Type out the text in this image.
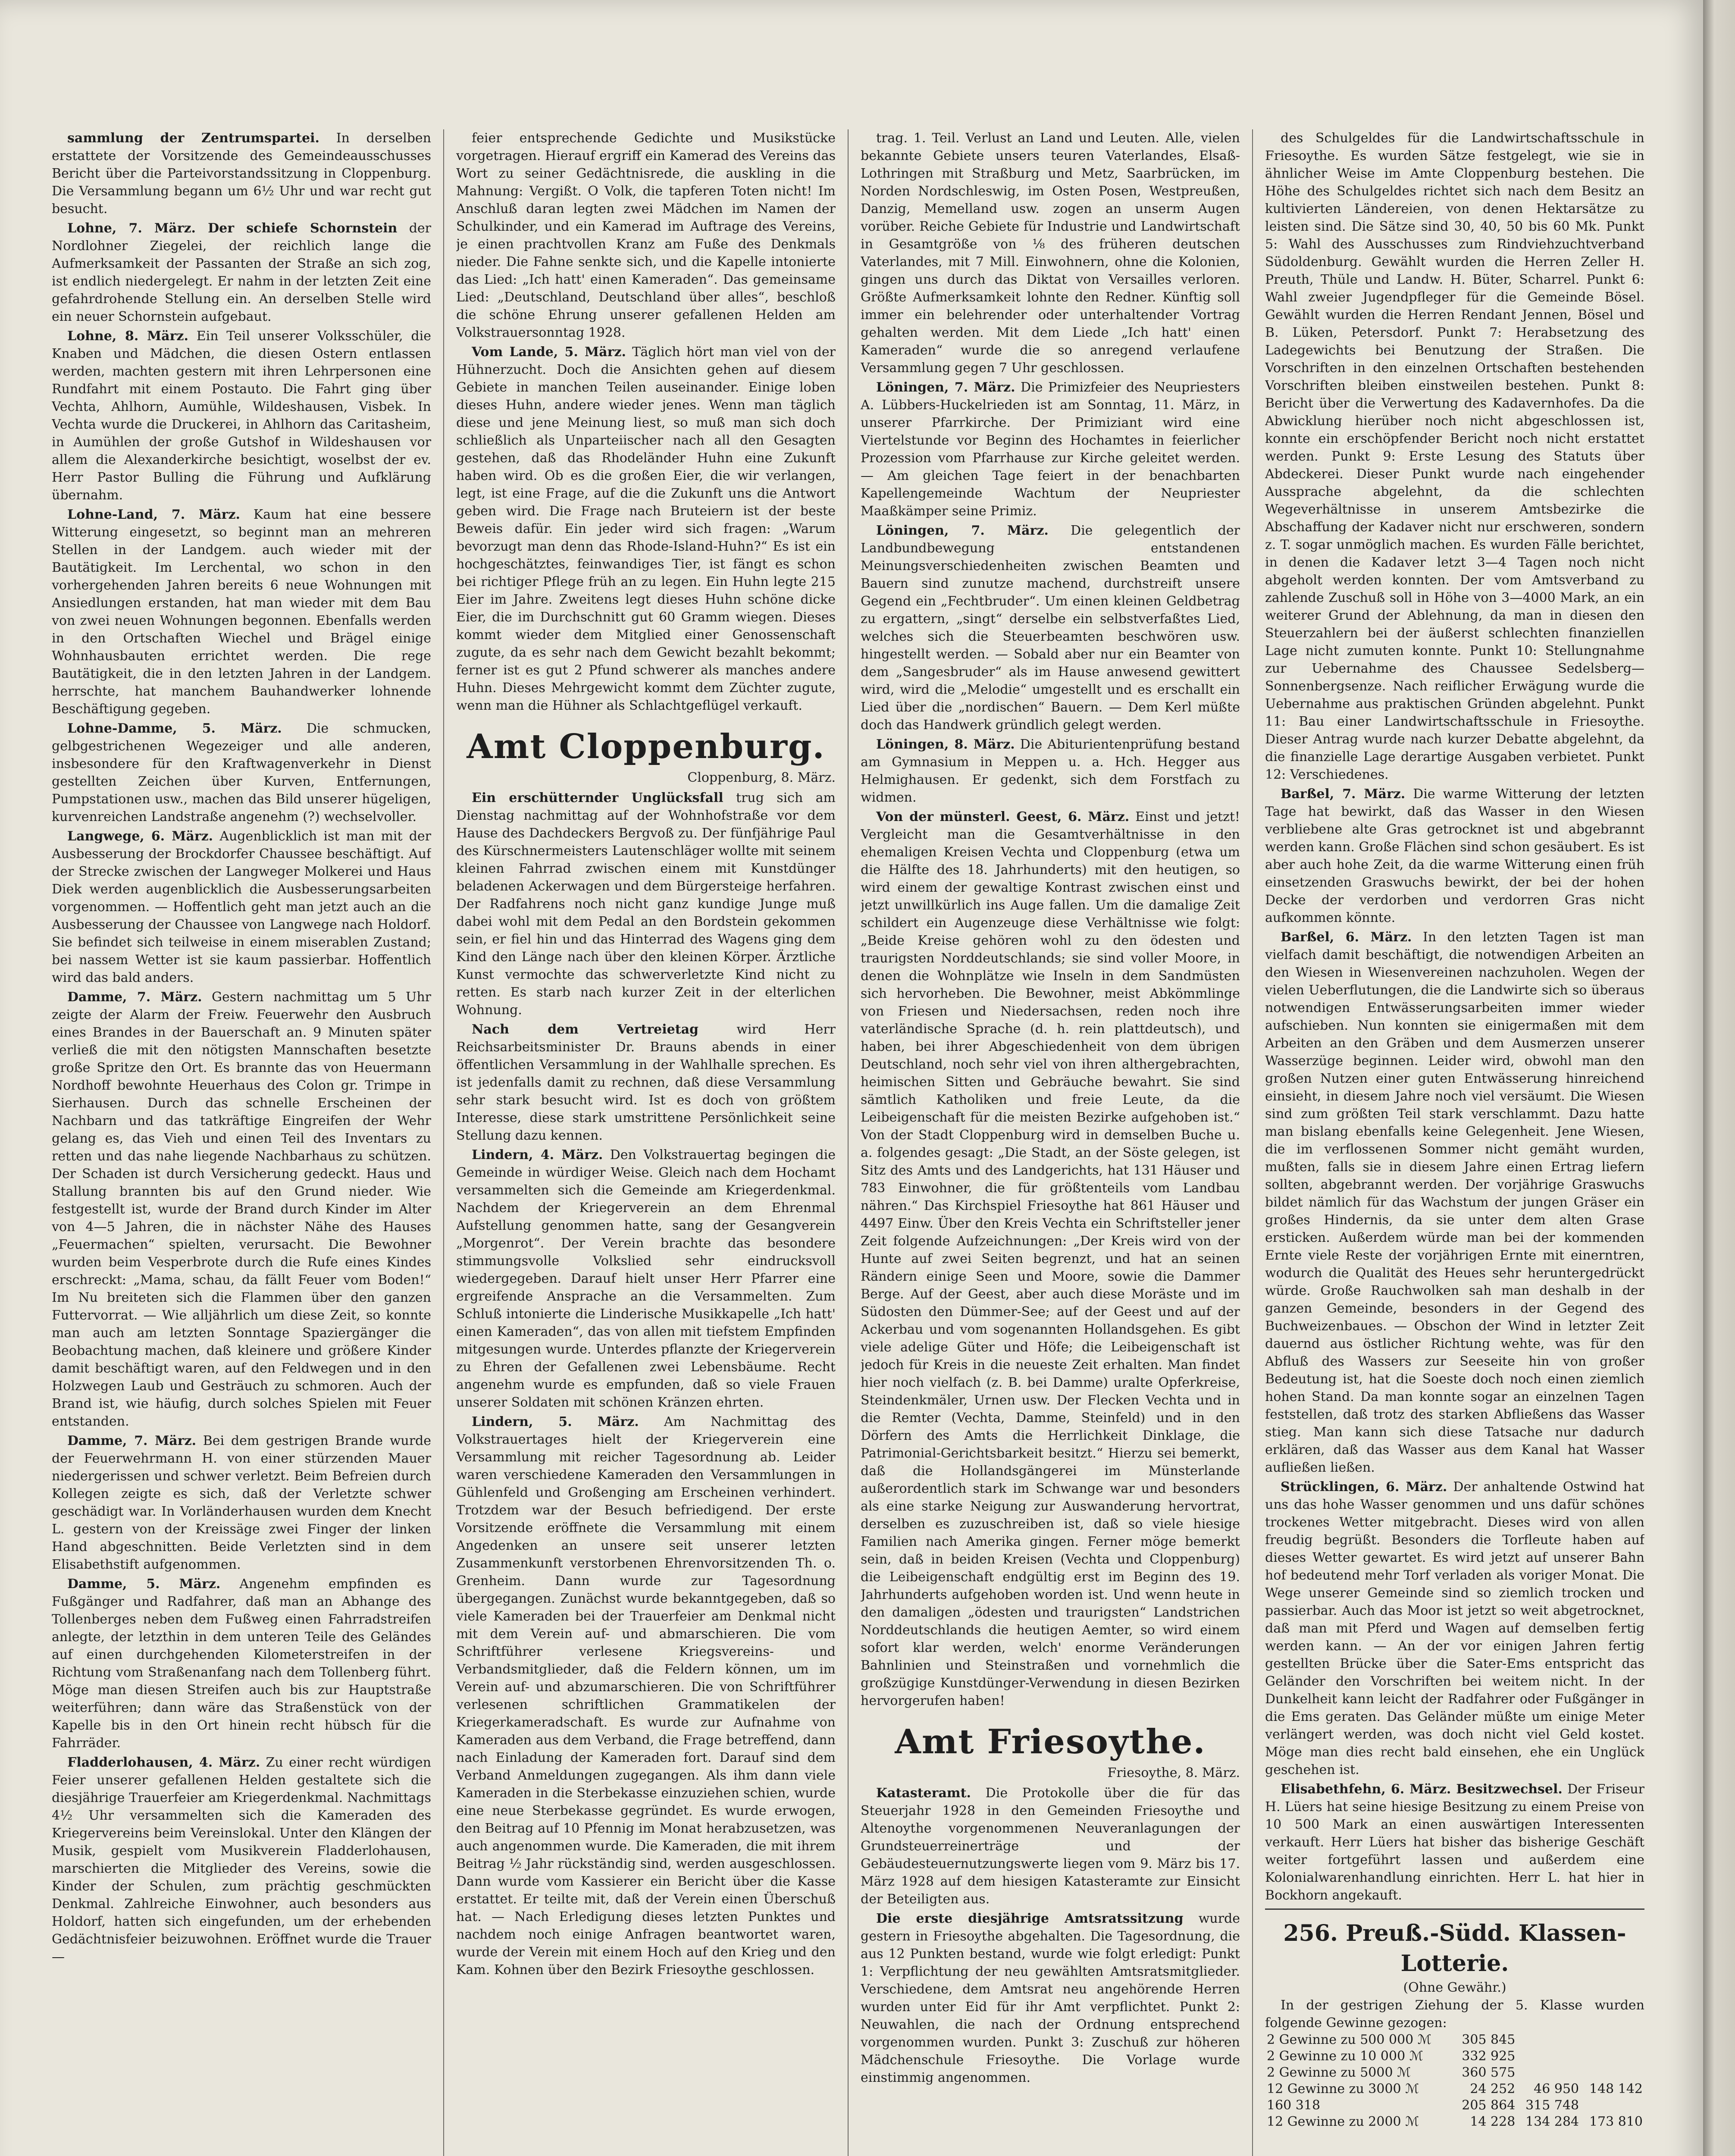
sammlung der Zentrumspartei. In derselben erstattete der Vorsitzende des Gemeindeausschusses Bericht über die Parteivorstandssitzung in Cloppenburg. Die Versammlung begann um 6½ Uhr und war recht gut besucht.

Lohne, 7. März. Der schiefe Schornstein der Nordlohner Ziegelei, der reichlich lange die Aufmerksamkeit der Passanten der Straße an sich zog, ist endlich niedergelegt. Er nahm in der letzten Zeit eine gefahrdrohende Stellung ein. An derselben Stelle wird ein neuer Schornstein aufgebaut.

Lohne, 8. März. Ein Teil unserer Volksschüler, die Knaben und Mädchen, die diesen Ostern entlassen werden, machten gestern mit ihren Lehrpersonen eine Rundfahrt mit einem Postauto. Die Fahrt ging über Vechta, Ahlhorn, Aumühle, Wildeshausen, Visbek. In Vechta wurde die Druckerei, in Ahlhorn das Caritasheim, in Aumühlen der große Gutshof in Wildeshausen vor allem die Alexanderkirche besichtigt, woselbst der ev. Herr Pastor Bulling die Führung und Aufklärung übernahm.

Lohne-Land, 7. März. Kaum hat eine bessere Witterung eingesetzt, so beginnt man an mehreren Stellen in der Landgem. auch wieder mit der Bautätigkeit. Im Lerchental, wo schon in den vorhergehenden Jahren bereits 6 neue Wohnungen mit Ansiedlungen erstanden, hat man wieder mit dem Bau von zwei neuen Wohnungen begonnen. Ebenfalls werden in den Ortschaften Wiechel und Brägel einige Wohnhausbauten errichtet werden. Die rege Bautätigkeit, die in den letzten Jahren in der Landgem. herrschte, hat manchem Bauhandwerker lohnende Beschäftigung gegeben.

Lohne-Damme, 5. März. Die schmucken, gelbgestrichenen Wegezeiger und alle anderen, insbesondere für den Kraftwagenverkehr in Dienst gestellten Zeichen über Kurven, Entfernungen, Pumpstationen usw., machen das Bild unserer hügeligen, kurvenreichen Landstraße angenehm (?) wechselvoller.

Langwege, 6. März. Augenblicklich ist man mit der Ausbesserung der Brockdorfer Chaussee beschäftigt. Auf der Strecke zwischen der Langweger Molkerei und Haus Diek werden augenblicklich die Ausbesserungsarbeiten vorgenommen. — Hoffentlich geht man jetzt auch an die Ausbesserung der Chaussee von Langwege nach Holdorf. Sie befindet sich teilweise in einem miserablen Zustand; bei nassem Wetter ist sie kaum passierbar. Hoffentlich wird das bald anders.

Damme, 7. März. Gestern nachmittag um 5 Uhr zeigte der Alarm der Freiw. Feuerwehr den Ausbruch eines Brandes in der Bauerschaft an. 9 Minuten später verließ die mit den nötigsten Mannschaften besetzte große Spritze den Ort. Es brannte das von Heuermann Nordhoff bewohnte Heuerhaus des Colon gr. Trimpe in Sierhausen. Durch das schnelle Erscheinen der Nachbarn und das tatkräftige Eingreifen der Wehr gelang es, das Vieh und einen Teil des Inventars zu retten und das nahe liegende Nachbarhaus zu schützen. Der Schaden ist durch Versicherung gedeckt. Haus und Stallung brannten bis auf den Grund nieder. Wie festgestellt ist, wurde der Brand durch Kinder im Alter von 4—5 Jahren, die in nächster Nähe des Hauses „Feuermachen“ spielten, verursacht. Die Bewohner wurden beim Vesperbrote durch die Rufe eines Kindes erschreckt: „Mama, schau, da fällt Feuer vom Boden!“ Im Nu breiteten sich die Flammen über den ganzen Futtervorrat. — Wie alljährlich um diese Zeit, so konnte man auch am letzten Sonntage Spaziergänger die Beobachtung machen, daß kleinere und größere Kinder damit beschäftigt waren, auf den Feldwegen und in den Holzwegen Laub und Gesträuch zu schmoren. Auch der Brand ist, wie häufig, durch solches Spielen mit Feuer entstanden.

Damme, 7. März. Bei dem gestrigen Brande wurde der Feuerwehrmann H. von einer stürzenden Mauer niedergerissen und schwer verletzt. Beim Befreien durch Kollegen zeigte es sich, daß der Verletzte schwer geschädigt war. In Vorländerhausen wurden dem Knecht L. gestern von der Kreissäge zwei Finger der linken Hand abgeschnitten. Beide Verletzten sind in dem Elisabethstift aufgenommen.

Damme, 5. März. Angenehm empfinden es Fußgänger und Radfahrer, daß man an Abhange des Tollenberges neben dem Fußweg einen Fahrradstreifen anlegte, der letzthin in dem unteren Teile des Geländes auf einen durchgehenden Kilometerstreifen in der Richtung vom Straßenanfang nach dem Tollenberg führt. Möge man diesen Streifen auch bis zur Hauptstraße weiterführen; dann wäre das Straßenstück von der Kapelle bis in den Ort hinein recht hübsch für die Fahrräder.

Fladderlohausen, 4. März. Zu einer recht würdigen Feier unserer gefallenen Helden gestaltete sich die diesjährige Trauerfeier am Kriegerdenkmal. Nachmittags 4½ Uhr versammelten sich die Kameraden des Kriegervereins beim Vereinslokal. Unter den Klängen der Musik, gespielt vom Musikverein Fladderlohausen, marschierten die Mitglieder des Vereins, sowie die Kinder der Schulen, zum prächtig geschmückten Denkmal. Zahlreiche Einwohner, auch besonders aus Holdorf, hatten sich eingefunden, um der erhebenden Gedächtnisfeier beizuwohnen. Eröffnet wurde die Trauer—

feier entsprechende Gedichte und Musikstücke vorgetragen. Hierauf ergriff ein Kamerad des Vereins das Wort zu seiner Gedächtnisrede, die auskling in die Mahnung: Vergißt. O Volk, die tapferen Toten nicht! Im Anschluß daran legten zwei Mädchen im Namen der Schulkinder, und ein Kamerad im Auftrage des Vereins, je einen prachtvollen Kranz am Fuße des Denkmals nieder. Die Fahne senkte sich, und die Kapelle intonierte das Lied: „Ich hatt' einen Kameraden“. Das gemeinsame Lied: „Deutschland, Deutschland über alles“, beschloß die schöne Ehrung unserer gefallenen Helden am Volkstrauersonntag 1928.

Vom Lande, 5. März. Täglich hört man viel von der Hühnerzucht. Doch die Ansichten gehen auf diesem Gebiete in manchen Teilen auseinander. Einige loben dieses Huhn, andere wieder jenes. Wenn man täglich diese und jene Meinung liest, so muß man sich doch schließlich als Unparteiischer nach all den Gesagten gestehen, daß das Rhodeländer Huhn eine Zukunft haben wird. Ob es die großen Eier, die wir verlangen, legt, ist eine Frage, auf die die Zukunft uns die Antwort geben wird. Die Frage nach Bruteiern ist der beste Beweis dafür. Ein jeder wird sich fragen: „Warum bevorzugt man denn das Rhode-Island-Huhn?“ Es ist ein hochgeschätztes, feinwandiges Tier, ist fängt es schon bei richtiger Pflege früh an zu legen. Ein Huhn legte 215 Eier im Jahre. Zweitens legt dieses Huhn schöne dicke Eier, die im Durchschnitt gut 60 Gramm wiegen. Dieses kommt wieder dem Mitglied einer Genossenschaft zugute, da es sehr nach dem Gewicht bezahlt bekommt; ferner ist es gut 2 Pfund schwerer als manches andere Huhn. Dieses Mehrgewicht kommt dem Züchter zugute, wenn man die Hühner als Schlachtgeflügel verkauft.

Amt Cloppenburg.
Cloppenburg, 8. März.

Ein erschütternder Unglücksfall trug sich am Dienstag nachmittag auf der Wohnhofstraße vor dem Hause des Dachdeckers Bergvoß zu. Der fünfjährige Paul des Kürschnermeisters Lautenschläger wollte mit seinem kleinen Fahrrad zwischen einem mit Kunstdünger beladenen Ackerwagen und dem Bürgersteige herfahren. Der Radfahrens noch nicht ganz kundige Junge muß dabei wohl mit dem Pedal an den Bordstein gekommen sein, er fiel hin und das Hinterrad des Wagens ging dem Kind den Länge nach über den kleinen Körper. Ärztliche Kunst vermochte das schwerverletzte Kind nicht zu retten. Es starb nach kurzer Zeit in der elterlichen Wohnung.

Nach dem Vertreietag	wird Herr Reichsarbeitsminister Dr. Brauns abends in einer öffentlichen Versammlung in der Wahlhalle sprechen. Es ist jedenfalls damit zu rechnen, daß diese Versammlung sehr stark besucht wird. Ist es doch von größtem Interesse, diese stark umstrittene Persönlichkeit seine Stellung dazu kennen.

Lindern, 4. März. Den Volkstrauertag begingen die Gemeinde in würdiger Weise. Gleich nach dem Hochamt versammelten sich die Gemeinde am Kriegerdenkmal. Nachdem der Kriegerverein an dem Ehrenmal Aufstellung genommen hatte, sang der Gesangverein „Morgenrot“. Der Verein brachte das besondere stimmungsvolle Volkslied sehr eindrucksvoll wiedergegeben. Darauf hielt unser Herr Pfarrer eine ergreifende Ansprache an die Versammelten. Zum Schluß intonierte die Linderische Musikkapelle „Ich hatt' einen Kameraden“, das von allen mit tiefstem Empfinden mitgesungen wurde. Unterdes pflanzte der Kriegerverein zu Ehren der Gefallenen zwei Lebensbäume. Recht angenehm wurde es empfunden, daß so viele Frauen unserer Soldaten mit schönen Kränzen ehrten.

Lindern, 5. März. Am Nachmittag des Volkstrauertages hielt der Kriegerverein eine Versammlung mit reicher Tagesordnung ab. Leider waren verschiedene Kameraden den Versammlungen in Gühlenfeld und Großenging am Erscheinen verhindert. Trotzdem war der Besuch befriedigend. Der erste Vorsitzende eröffnete die Versammlung mit einem Angedenken an unsere seit unserer letzten Zusammenkunft verstorbenen Ehrenvorsitzenden Th. o. Grenheim. Dann wurde zur Tagesordnung übergegangen. Zunächst wurde bekanntgegeben, daß so viele Kameraden bei der Trauerfeier am Denkmal nicht mit dem Verein auf- und abmarschieren. Die vom Schriftführer verlesene Kriegsvereins- und Verbandsmitglieder, daß die Feldern können, um im Verein auf- und abzumarschieren. Die von Schriftführer verlesenen schriftlichen Grammatikelen der Kriegerkameradschaft. Es wurde zur Aufnahme von Kameraden aus dem Verband, die Frage betreffend, dann nach Einladung der Kameraden fort. Darauf sind dem Verband Anmeldungen zugegangen. Als ihm dann viele Kameraden in die Sterbekasse einzuziehen schien, wurde eine neue Sterbekasse gegründet. Es wurde erwogen, den Beitrag auf 10 Pfennig im Monat herabzusetzen, was auch angenommen wurde. Die Kameraden, die mit ihrem Beitrag ½ Jahr rückständig sind, werden ausgeschlossen. Dann wurde vom Kassierer ein Bericht über die Kasse erstattet. Er teilte mit, daß der Verein einen Überschuß hat. — Nach Erledigung dieses letzten Punktes und nachdem noch einige Anfragen beantwortet waren, wurde der Verein mit einem Hoch auf den Krieg und den Kam. Kohnen über den Bezirk Friesoythe geschlossen.

trag. 1. Teil. Verlust an Land und Leuten. Alle, vielen bekannte Gebiete unsers teuren Vaterlandes, Elsaß-Lothringen mit Straßburg und Metz, Saarbrücken, im Norden Nordschleswig, im Osten Posen, Westpreußen, Danzig, Memelland usw. zogen an unserm Augen vorüber. Reiche Gebiete für Industrie und Landwirtschaft in Gesamtgröße von ⅛ des früheren deutschen Vaterlandes, mit 7 Mill. Einwohnern, ohne die Kolonien, gingen uns durch das Diktat von Versailles verloren. Größte Aufmerksamkeit lohnte den Redner. Künftig soll immer ein belehrender oder unterhaltender Vortrag gehalten werden. Mit dem Liede „Ich hatt' einen Kameraden“ wurde die so anregend verlaufene Versammlung gegen 7 Uhr geschlossen.

Löningen, 7. März. Die Primizfeier des Neupriesters A. Lübbers-Huckelrieden ist am Sonntag, 11. März, in unserer Pfarrkirche. Der Primiziant wird eine Viertelstunde vor Beginn des Hochamtes in feierlicher Prozession vom Pfarrhause zur Kirche geleitet werden. — Am gleichen Tage feiert in der benachbarten Kapellengemeinde Wachtum der Neupriester Maaßkämper seine Primiz.

Löningen, 7. März. Die gelegentlich der Landbundbewegung entstandenen Meinungsverschiedenheiten zwischen Beamten und Bauern sind zunutze machend, durchstreift unsere Gegend ein „Fechtbruder“. Um einen kleinen Geldbetrag zu ergattern, „singt“ derselbe ein selbstverfaßtes Lied, welches sich die Steuerbeamten beschwören usw. hingestellt werden. — Sobald aber nur ein Beamter von dem „Sangesbruder“ als im Hause anwesend gewittert wird, wird die „Melodie“ umgestellt und es erschallt ein Lied über die „nordischen“ Bauern. — Dem Kerl müßte doch das Handwerk gründlich gelegt werden.

Löningen, 8. März. Die Abiturientenprüfung bestand am Gymnasium in Meppen u. a. Hch. Hegger aus Helmighausen. Er gedenkt, sich dem Forstfach zu widmen.

Von der münsterl. Geest, 6. März. Einst und jetzt! Vergleicht man die Gesamtverhältnisse in den ehemaligen Kreisen Vechta und Cloppenburg (etwa um die Hälfte des 18. Jahrhunderts) mit den heutigen, so wird einem der gewaltige Kontrast zwischen einst und jetzt unwillkürlich ins Auge fallen. Um die damalige Zeit schildert ein Augenzeuge diese Verhältnisse wie folgt: „Beide Kreise gehören wohl zu den ödesten und traurigsten Norddeutschlands; sie sind voller Moore, in denen die Wohnplätze wie Inseln in dem Sandmüsten sich hervorheben. Die Bewohner, meist Abkömmlinge von Friesen und Niedersachsen, reden noch ihre vaterländische Sprache (d. h. rein plattdeutsch), und haben, bei ihrer Abgeschiedenheit von dem übrigen Deutschland, noch sehr viel von ihren althergebrachten, heimischen Sitten und Gebräuche bewahrt. Sie sind sämtlich Katholiken und freie Leute, da die Leibeigenschaft für die meisten Bezirke aufgehoben ist.“ Von der Stadt Cloppenburg wird in demselben Buche u. a. folgendes gesagt: „Die Stadt, an der Söste gelegen, ist Sitz des Amts und des Landgerichts, hat 131 Häuser und 783 Einwohner, die für größtenteils vom Landbau nähren.“ Das Kirchspiel Friesoythe hat 861 Häuser und 4497 Einw. Über den Kreis Vechta ein Schriftsteller jener Zeit folgende Aufzeichnungen: „Der Kreis wird von der Hunte auf zwei Seiten begrenzt, und hat an seinen Rändern einige Seen und Moore, sowie die Dammer Berge. Auf der Geest, aber auch diese Moräste und im Südosten den Dümmer-See; auf der Geest und auf der Ackerbau und vom sogenannten Hollandsgehen. Es gibt viele adelige Güter und Höfe; die Leibeigenschaft ist jedoch für Kreis in die neueste Zeit erhalten. Man findet hier noch vielfach (z. B. bei Damme) uralte Opferkreise, Steindenkmäler, Urnen usw. Der Flecken Vechta und in die Remter (Vechta, Damme, Steinfeld) und in den Dörfern des Amts die Herrlichkeit Dinklage, die Patrimonial-Gerichtsbarkeit besitzt.“ Hierzu sei bemerkt, daß die Hollandsgängerei im Münsterlande außerordentlich stark im Schwange war und besonders als eine starke Neigung zur Auswanderung hervortrat, derselben es zuzuschreiben ist, daß so viele hiesige Familien nach Amerika gingen. Ferner möge bemerkt sein, daß in beiden Kreisen (Vechta und Cloppenburg) die Leibeigenschaft endgültig erst im Beginn des 19. Jahrhunderts aufgehoben worden ist. Und wenn heute in den damaligen „ödesten und traurigsten“ Landstrichen Norddeutschlands die heutigen Aemter, so wird einem sofort klar werden, welch' enorme Veränderungen Bahnlinien und Steinstraßen und vornehmlich die großzügige Kunstdünger-Verwendung in diesen Bezirken hervorgerufen haben!

Amt Friesoythe.
Friesoythe, 8. März.

Katasteramt. Die Protokolle über die für das Steuerjahr 1928 in den Gemeinden Friesoythe und Altenoythe vorgenommenen Neuveranlagungen der Grundsteuerreinerträge und der Gebäudesteuernutzungswerte liegen vom 9. März bis 17. März 1928 auf dem hiesigen Katasteramte zur Einsicht der Beteiligten aus.

Die erste diesjährige Amtsratssitzung wurde gestern in Friesoythe abgehalten. Die Tagesordnung, die aus 12 Punkten bestand, wurde wie folgt erledigt: Punkt 1: Verpflichtung der neu gewählten Amtsratsmitglieder. Verschiedene, dem Amtsrat neu angehörende Herren wurden unter Eid für ihr Amt verpflichtet. Punkt 2: Neuwahlen, die nach der Ordnung entsprechend vorgenommen wurden. Punkt 3: Zuschuß zur höheren Mädchenschule Friesoythe. Die Vorlage wurde einstimmig angenommen.

des Schulgeldes für die Landwirtschaftsschule in Friesoythe. Es wurden Sätze festgelegt, wie sie in ähnlicher Weise im Amte Cloppenburg bestehen. Die Höhe des Schulgeldes richtet sich nach dem Besitz an kultivierten Ländereien, von denen Hektarsätze zu leisten sind. Die Sätze sind 30, 40, 50 bis 60 Mk. Punkt 5: Wahl des Ausschusses zum Rindviehzuchtverband Südoldenburg. Gewählt wurden die Herren Zeller H. Preuth, Thüle und Landw. H. Büter, Scharrel. Punkt 6: Wahl zweier Jugendpfleger für die Gemeinde Bösel. Gewählt wurden die Herren Rendant Jennen, Bösel und B. Lüken, Petersdorf. Punkt 7: Herabsetzung des Ladegewichts bei Benutzung der Straßen. Die Vorschriften in den einzelnen Ortschaften bestehenden Vorschriften bleiben einstweilen bestehen. Punkt 8: Bericht über die Verwertung des Kadavernhofes. Da die Abwicklung hierüber noch nicht abgeschlossen ist, konnte ein erschöpfender Bericht noch nicht erstattet werden. Punkt 9: Erste Lesung des Statuts über Abdeckerei. Dieser Punkt wurde nach eingehender Aussprache abgelehnt, da die schlechten Wegeverhältnisse in unserem Amtsbezirke die Abschaffung der Kadaver nicht nur erschweren, sondern z. T. sogar unmöglich machen. Es wurden Fälle berichtet, in denen die Kadaver letzt 3—4 Tagen noch nicht abgeholt werden konnten. Der vom Amtsverband zu zahlende Zuschuß soll in Höhe von 3—4000 Mark, an ein weiterer Grund der Ablehnung, da man in diesen den Steuerzahlern bei der äußerst schlechten finanziellen Lage nicht zumuten konnte. Punkt 10: Stellungnahme zur Uebernahme des Chaussee Sedelsberg—Sonnenbergsenze. Nach reiflicher Erwägung wurde die Uebernahme aus praktischen Gründen abgelehnt. Punkt 11: Bau einer Landwirtschaftsschule in Friesoythe. Dieser Antrag wurde nach kurzer Debatte abgelehnt, da die finanzielle Lage derartige Ausgaben verbietet. Punkt 12: Verschiedenes.

Barßel, 7. März. Die warme Witterung der letzten Tage hat bewirkt, daß das Wasser in den Wiesen verbliebene alte Gras getrocknet ist und abgebrannt werden kann. Große Flächen sind schon gesäubert. Es ist aber auch hohe Zeit, da die warme Witterung einen früh einsetzenden Graswuchs bewirkt, der bei der hohen Decke der verdorben und verdorren Gras nicht aufkommen könnte.

Barßel, 6. März. In den letzten Tagen ist man vielfach damit beschäftigt, die notwendigen Arbeiten an den Wiesen in Wiesenvereinen nachzuholen. Wegen der vielen Ueberflutungen, die die Landwirte sich so überaus notwendigen Entwässerungsarbeiten immer wieder aufschieben. Nun konnten sie einigermaßen mit dem Arbeiten an den Gräben und dem Ausmerzen unserer Wasserzüge beginnen. Leider wird, obwohl man den großen Nutzen einer guten Entwässerung hinreichend einsieht, in diesem Jahre noch viel versäumt. Die Wiesen sind zum größten Teil stark verschlammt. Dazu hatte man bislang ebenfalls keine Gelegenheit. Jene Wiesen, die im verflossenen Sommer nicht gemäht wurden, mußten, falls sie in diesem Jahre einen Ertrag liefern sollten, abgebrannt werden. Der vorjährige Graswuchs bildet nämlich für das Wachstum der jungen Gräser ein großes Hindernis, da sie unter dem alten Grase ersticken. Außerdem würde man bei der kommenden Ernte viele Reste der vorjährigen Ernte mit einerntren, wodurch die Qualität des Heues sehr heruntergedrückt würde. Große Rauchwolken sah man deshalb in der ganzen Gemeinde, besonders in der Gegend des Buchweizenbaues. — Obschon der Wind in letzter Zeit dauernd aus östlicher Richtung wehte, was für den Abfluß des Wassers zur Seeseite hin von großer Bedeutung ist, hat die Soeste doch noch einen ziemlich hohen Stand. Da man konnte sogar an einzelnen Tagen feststellen, daß trotz des starken Abfließens das Wasser stieg. Man kann sich diese Tatsache nur dadurch erklären, daß das Wasser aus dem Kanal hat Wasser aufließen ließen.

Strücklingen, 6. März. Der anhaltende Ostwind hat uns das hohe Wasser genommen und uns dafür schönes trockenes Wetter mitgebracht. Dieses wird von allen freudig begrüßt. Besonders die Torfleute haben auf dieses Wetter gewartet. Es wird jetzt auf unserer Bahn hof bedeutend mehr Torf verladen als voriger Monat. Die Wege unserer Gemeinde sind so ziemlich trocken und passierbar. Auch das Moor ist jetzt so weit abgetrocknet, daß man mit Pferd und Wagen auf demselben fertig werden kann. — An der vor einigen Jahren fertig gestellten Brücke über die Sater-Ems entspricht das Geländer den Vorschriften bei weitem nicht. In der Dunkelheit kann leicht der Radfahrer oder Fußgänger in die Ems geraten. Das Geländer müßte um einige Meter verlängert werden, was doch nicht viel Geld kostet. Möge man dies recht bald einsehen, ehe ein Unglück geschehen ist.

Elisabethfehn, 6. März. Besitzwechsel. Der Friseur H. Lüers hat seine hiesige Besitzung zu einem Preise von 10 500 Mark an einen auswärtigen Interessenten verkauft. Herr Lüers hat bisher das bisherige Geschäft weiter fortgeführt lassen und außerdem eine Kolonialwarenhandlung einrichten. Herr L. hat hier in Bockhorn angekauft.

256. Preuß.-Südd. Klassen-Lotterie.
(Ohne Gewähr.)

In der gestrigen Ziehung der 5. Klasse wurden folgende Gewinne gezogen:

2 Gewinne zu 500 000 ℳ	305 845		
2 Gewinne zu 10 000 ℳ	332 925		
2 Gewinne zu 5000 ℳ	360 575		
12 Gewinne zu 3000 ℳ	24 252	46 950	148 142
160 318	205 864	315 748	
12 Gewinne zu 2000 ℳ	14 228	134 284	173 810
